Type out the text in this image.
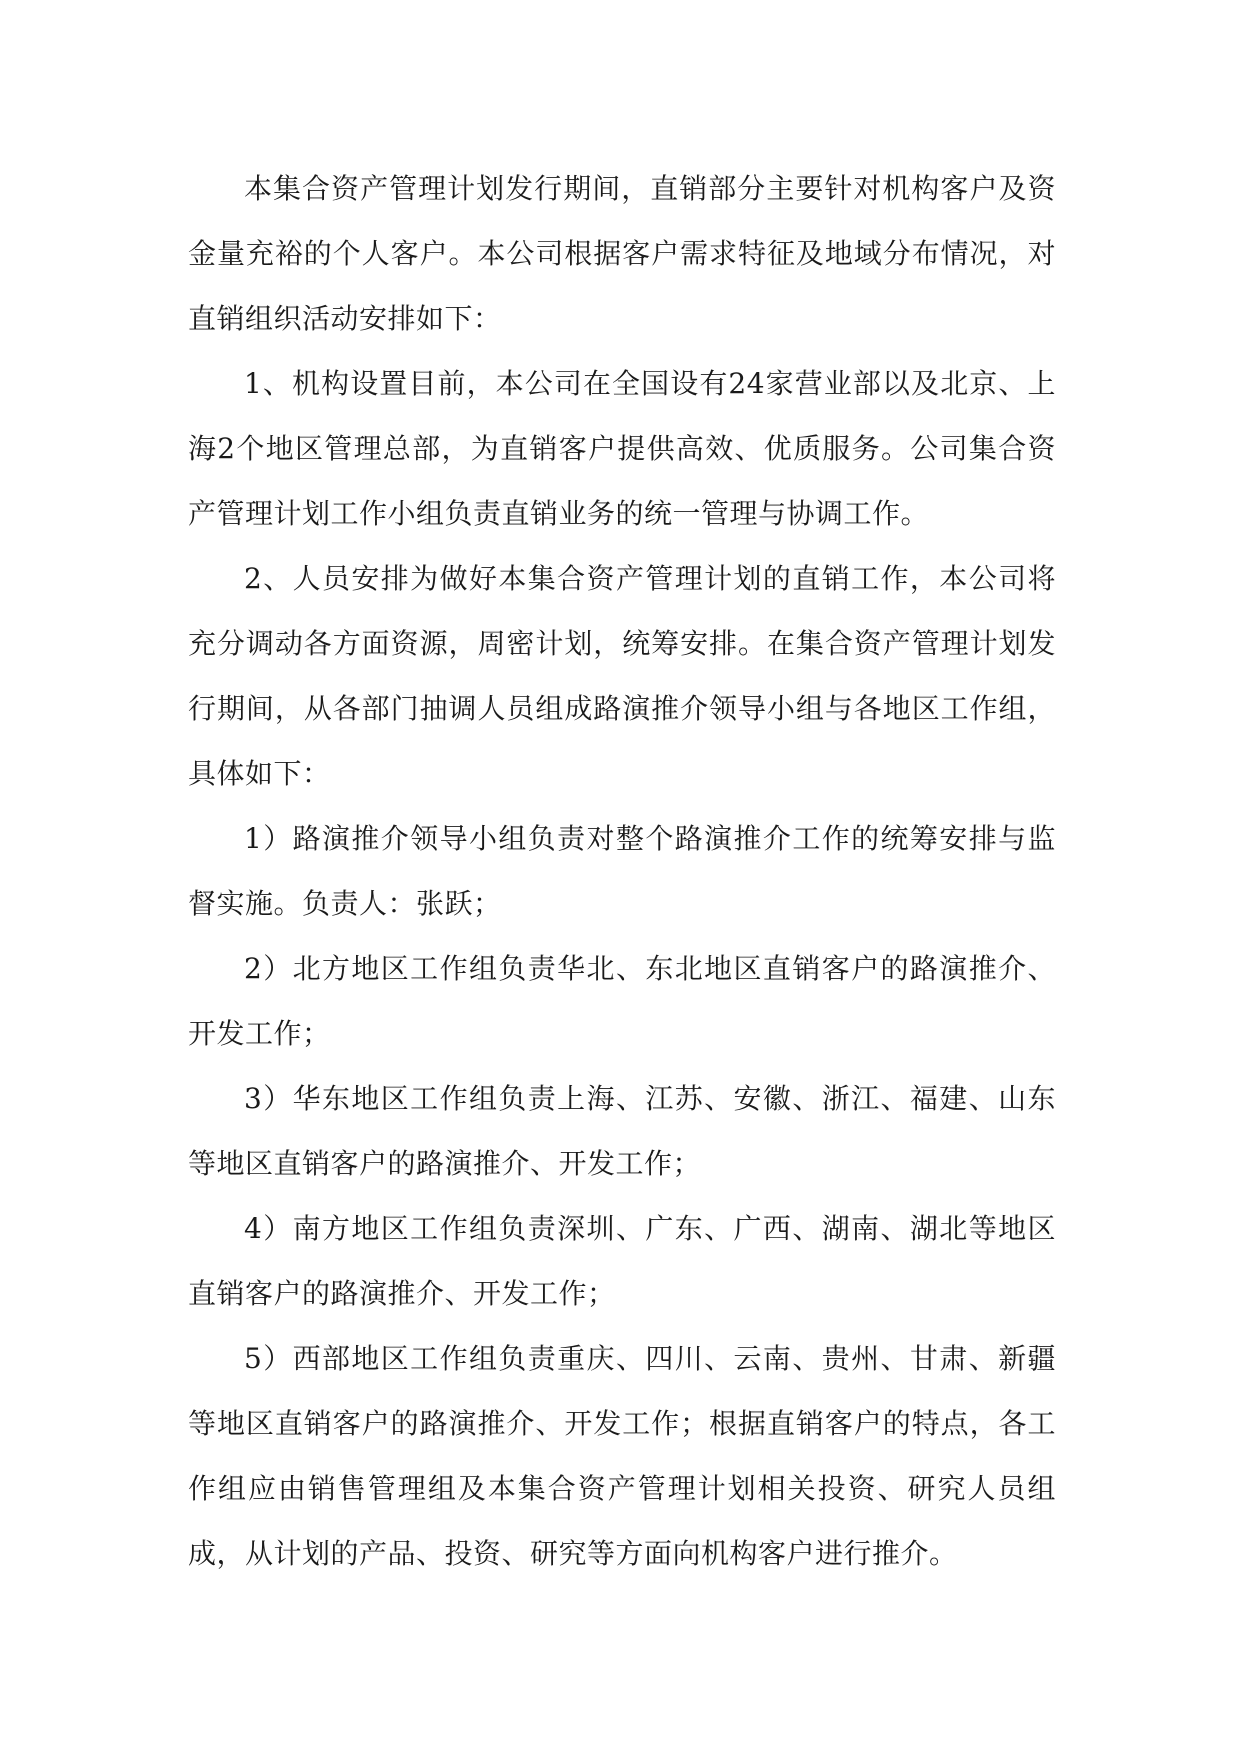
本集合资产管理计划发行期间，直销部分主要针对机构客户及资金量充裕的个人客户。本公司根据客户需求特征及地域分布情况，对直销组织活动安排如下：

1、机构设置目前，本公司在全国设有24家营业部以及北京、上海2个地区管理总部，为直销客户提供高效、优质服务。公司集合资产管理计划工作小组负责直销业务的统一管理与协调工作。

2、人员安排为做好本集合资产管理计划的直销工作，本公司将充分调动各方面资源，周密计划，统筹安排。在集合资产管理计划发行期间，从各部门抽调人员组成路演推介领导小组与各地区工作组，具体如下：

1）路演推介领导小组负责对整个路演推介工作的统筹安排与监督实施。负责人：张跃；

2）北方地区工作组负责华北、东北地区直销客户的路演推介、开发工作；

3）华东地区工作组负责上海、江苏、安徽、浙江、福建、山东等地区直销客户的路演推介、开发工作；

4）南方地区工作组负责深圳、广东、广西、湖南、湖北等地区直销客户的路演推介、开发工作；

5）西部地区工作组负责重庆、四川、云南、贵州、甘肃、新疆等地区直销客户的路演推介、开发工作；根据直销客户的特点，各工作组应由销售管理组及本集合资产管理计划相关投资、研究人员组成，从计划的产品、投资、研究等方面向机构客户进行推介。
